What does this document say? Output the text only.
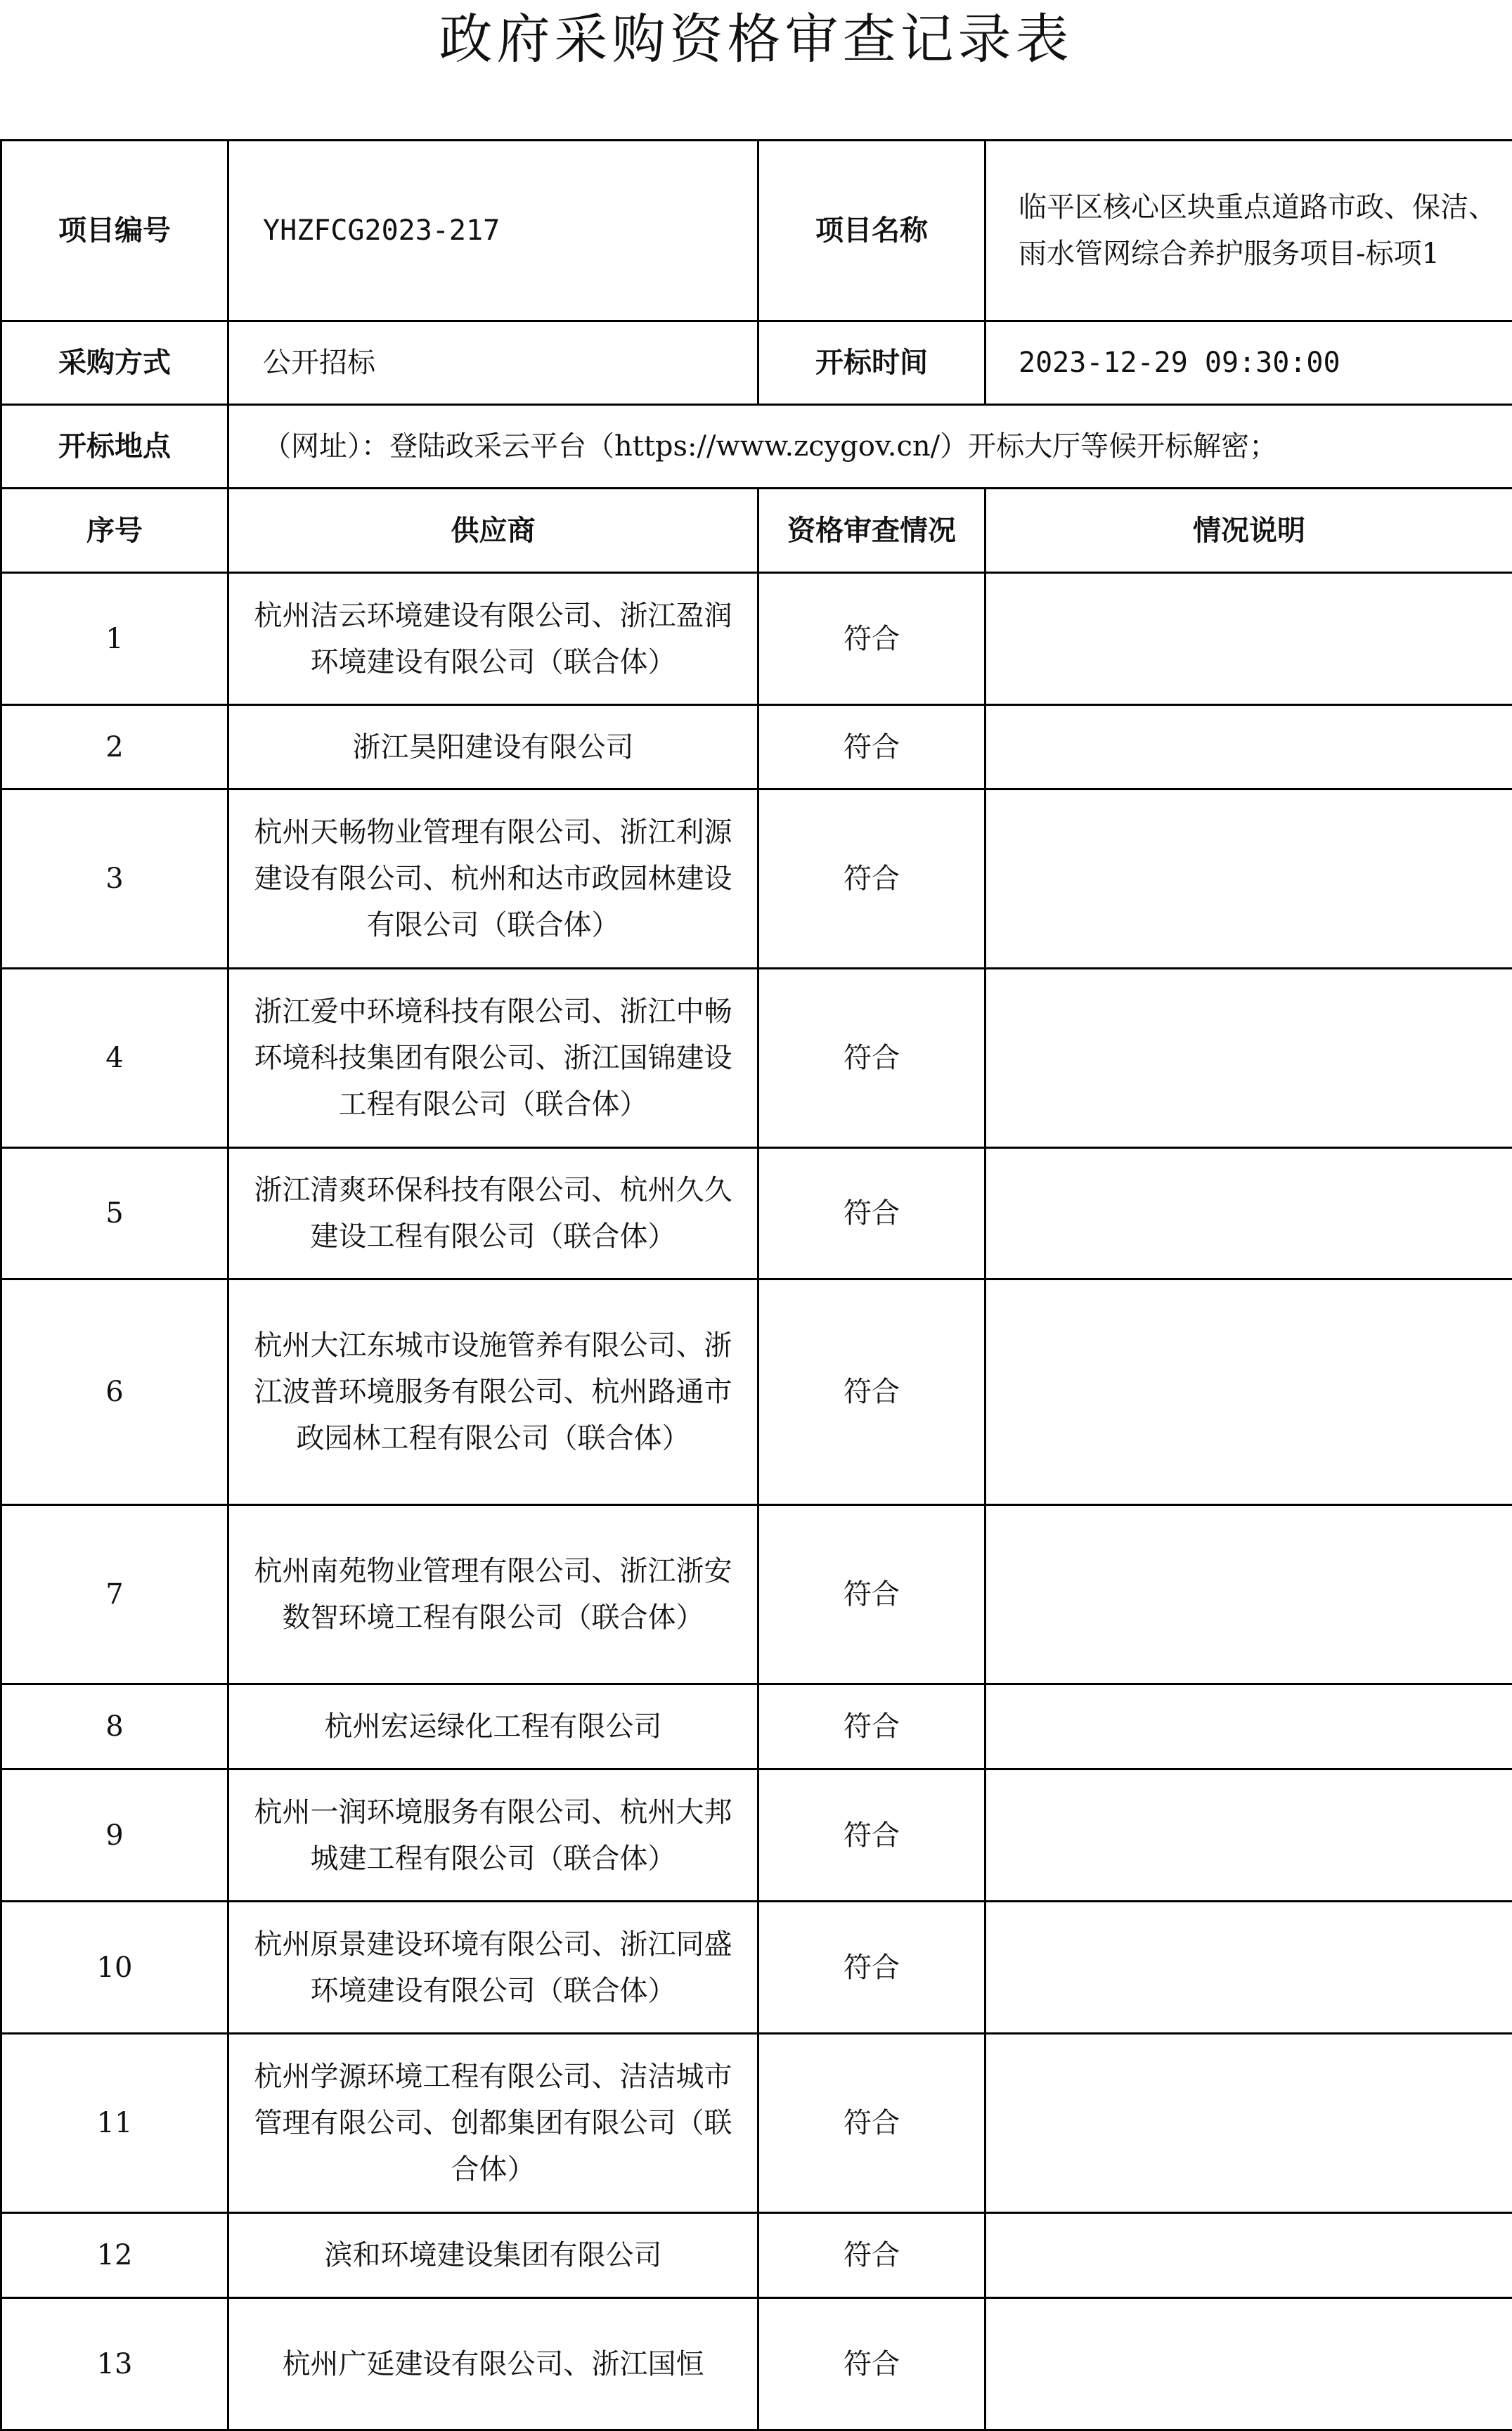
政府采购资格审查记录表
项目编号	YHZFCG2023-217	项目名称	临平区核心区块重点道路市政、保洁、雨水管网综合养护服务项目-标项1
采购方式	公开招标	开标时间	2023-12-29 09:30:00
开标地点	（网址）：登陆政采云平台（https://www.zcygov.cn/）开标大厅等候开标解密；		
序号	供应商	资格审查情况	情况说明
1	杭州洁云环境建设有限公司、浙江盈润环境建设有限公司（联合体）	符合	
2	浙江昊阳建设有限公司	符合	
3	杭州天畅物业管理有限公司、浙江利源建设有限公司、杭州和达市政园林建设有限公司（联合体）	符合	
4	浙江爱中环境科技有限公司、浙江中畅环境科技集团有限公司、浙江国锦建设工程有限公司（联合体）	符合	
5	浙江清爽环保科技有限公司、杭州久久建设工程有限公司（联合体）	符合	
6	杭州大江东城市设施管养有限公司、浙江波普环境服务有限公司、杭州路通市政园林工程有限公司（联合体）	符合	
7	杭州南苑物业管理有限公司、浙江浙安数智环境工程有限公司（联合体）	符合	
8	杭州宏运绿化工程有限公司	符合	
9	杭州一润环境服务有限公司、杭州大邦城建工程有限公司（联合体）	符合	
10	杭州原景建设环境有限公司、浙江同盛环境建设有限公司（联合体）	符合	
11	杭州学源环境工程有限公司、洁洁城市管理有限公司、创都集团有限公司（联合体）	符合	
12	滨和环境建设集团有限公司	符合	
13	杭州广延建设有限公司、浙江国恒	符合	
